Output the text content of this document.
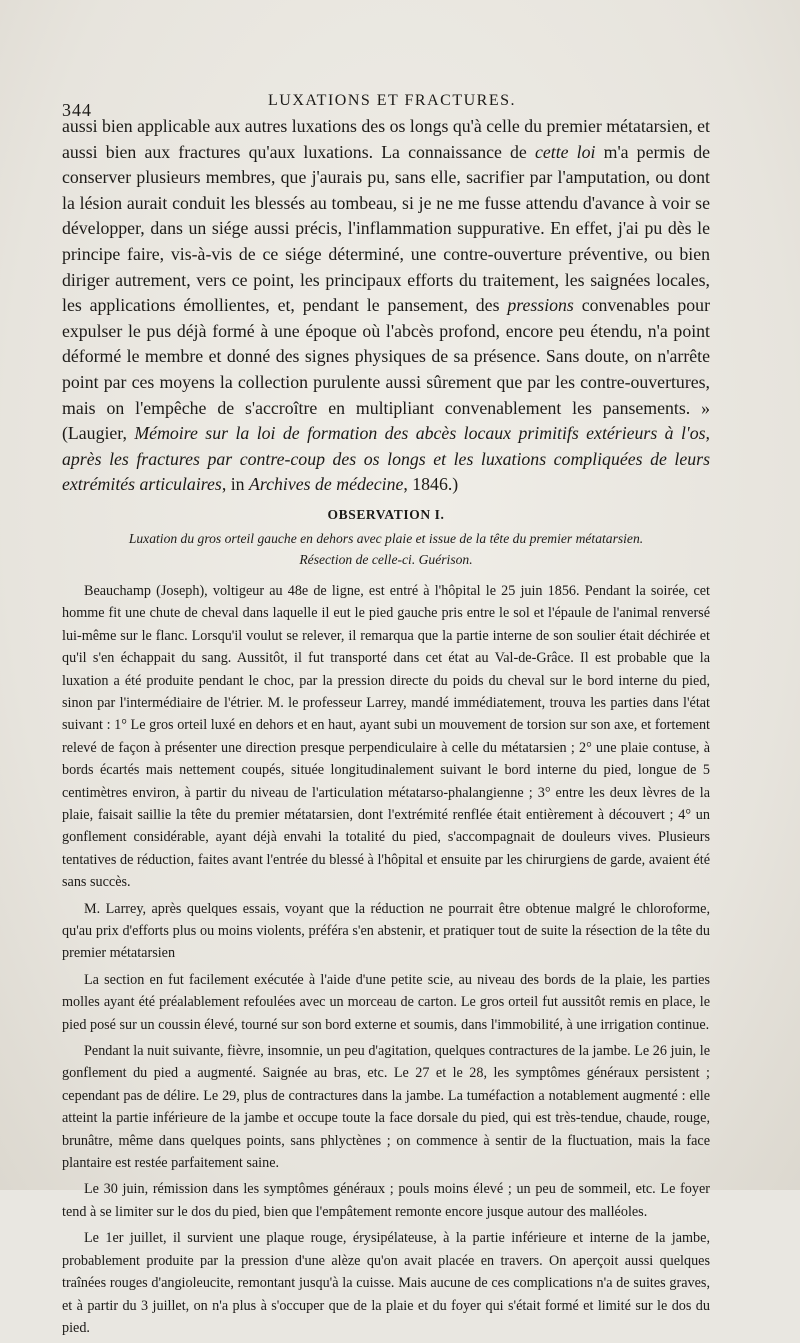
344	LUXATIONS ET FRACTURES.

aussi bien applicable aux autres luxations des os longs qu'à celle du premier métatarsien, et aussi bien aux fractures qu'aux luxations. La connaissance de cette loi m'a permis de conserver plusieurs membres, que j'aurais pu, sans elle, sacrifier par l'amputation, ou dont la lésion aurait conduit les blessés au tombeau, si je ne me fusse attendu d'avance à voir se développer, dans un siége aussi précis, l'inflammation suppurative. En effet, j'ai pu dès le principe faire, vis-à-vis de ce siége déterminé, une contre-ouverture préventive, ou bien diriger autrement, vers ce point, les principaux efforts du traitement, les saignées locales, les applications émollientes, et, pendant le pansement, des pressions convenables pour expulser le pus déjà formé à une époque où l'abcès profond, encore peu étendu, n'a point déformé le membre et donné des signes physiques de sa présence. Sans doute, on n'arrête point par ces moyens la collection purulente aussi sûrement que par les contre-ouvertures, mais on l'empêche de s'accroître en multipliant convenablement les pansements. » (Laugier, Mémoire sur la loi de formation des abcès locaux primitifs extérieurs à l'os, après les fractures par contre-coup des os longs et les luxations compliquées de leurs extrémités articulaires, in Archives de médecine, 1846.)

OBSERVATION I.
Luxation du gros orteil gauche en dehors avec plaie et issue de la tête du premier métatarsien.
Résection de celle-ci. Guérison.

Beauchamp (Joseph), voltigeur au 48e de ligne, est entré à l'hôpital le 25 juin 1856. Pendant la soirée, cet homme fit une chute de cheval dans laquelle il eut le pied gauche pris entre le sol et l'épaule de l'animal renversé lui-même sur le flanc. Lorsqu'il voulut se relever, il remarqua que la partie interne de son soulier était déchirée et qu'il s'en échappait du sang. Aussitôt, il fut transporté dans cet état au Val-de-Grâce. Il est probable que la luxation a été produite pendant le choc, par la pression directe du poids du cheval sur le bord interne du pied, sinon par l'intermédiaire de l'étrier. M. le professeur Larrey, mandé immédiatement, trouva les parties dans l'état suivant : 1° Le gros orteil luxé en dehors et en haut, ayant subi un mouvement de torsion sur son axe, et fortement relevé de façon à présenter une direction presque perpendiculaire à celle du métatarsien ; 2° une plaie contuse, à bords écartés mais nettement coupés, située longitudinalement suivant le bord interne du pied, longue de 5 centimètres environ, à partir du niveau de l'articulation métatarso-phalangienne ; 3° entre les deux lèvres de la plaie, faisait saillie la tête du premier métatarsien, dont l'extrémité renflée était entièrement à découvert ; 4° un gonflement considérable, ayant déjà envahi la totalité du pied, s'accompagnait de douleurs vives. Plusieurs tentatives de réduction, faites avant l'entrée du blessé à l'hôpital et ensuite par les chirurgiens de garde, avaient été sans succès.

M. Larrey, après quelques essais, voyant que la réduction ne pourrait être obtenue malgré le chloroforme, qu'au prix d'efforts plus ou moins violents, préféra s'en abstenir, et pratiquer tout de suite la résection de la tête du premier métatarsien

La section en fut facilement exécutée à l'aide d'une petite scie, au niveau des bords de la plaie, les parties molles ayant été préalablement refoulées avec un morceau de carton. Le gros orteil fut aussitôt remis en place, le pied posé sur un coussin élevé, tourné sur son bord externe et soumis, dans l'immobilité, à une irrigation continue.

Pendant la nuit suivante, fièvre, insomnie, un peu d'agitation, quelques contractures de la jambe. Le 26 juin, le gonflement du pied a augmenté. Saignée au bras, etc. Le 27 et le 28, les symptômes généraux persistent ; cependant pas de délire. Le 29, plus de contractures dans la jambe. La tuméfaction a notablement augmenté : elle atteint la partie inférieure de la jambe et occupe toute la face dorsale du pied, qui est très-tendue, chaude, rouge, brunâtre, même dans quelques points, sans phlyctènes ; on commence à sentir de la fluctuation, mais la face plantaire est restée parfaitement saine.

Le 30 juin, rémission dans les symptômes généraux ; pouls moins élevé ; un peu de sommeil, etc. Le foyer tend à se limiter sur le dos du pied, bien que l'empâtement remonte encore jusque autour des malléoles.

Le 1er juillet, il survient une plaque rouge, érysipélateuse, à la partie inférieure et interne de la jambe, probablement produite par la pression d'une alèze qu'on avait placée en travers. On aperçoit aussi quelques traînées rouges d'angioleucite, remontant jusqu'à la cuisse. Mais aucune de ces complications n'a de suites graves, et à partir du 3 juillet, on n'a plus à s'occuper que de la plaie et du foyer qui s'était formé et limité sur le dos du pied.
